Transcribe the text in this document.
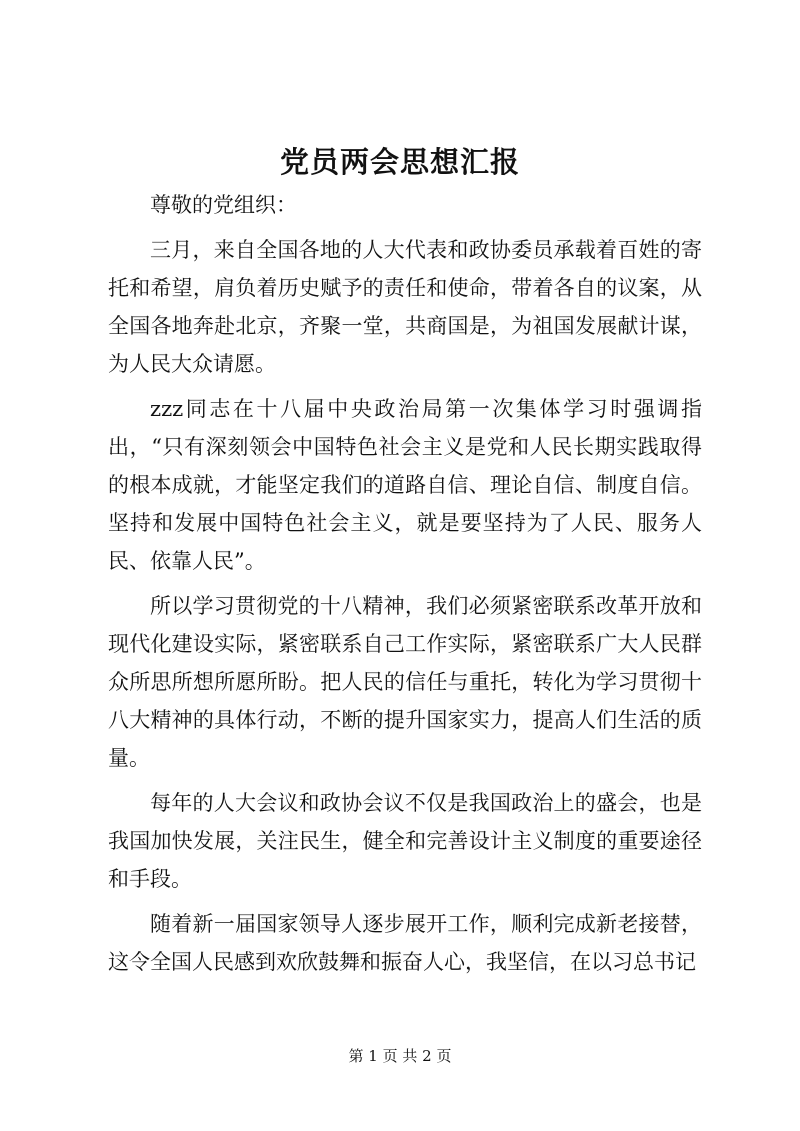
党员两会思想汇报

尊敬的党组织：

三月，来自全国各地的人大代表和政协委员承载着百姓的寄托和希望，肩负着历史赋予的责任和使命，带着各自的议案，从全国各地奔赴北京，齐聚一堂，共商国是，为祖国发展献计谋，为人民大众请愿。

zzz同志在十八届中央政治局第一次集体学习时强调指出，“只有深刻领会中国特色社会主义是党和人民长期实践取得的根本成就，才能坚定我们的道路自信、理论自信、制度自信。坚持和发展中国特色社会主义，就是要坚持为了人民、服务人民、依靠人民”。

所以学习贯彻党的十八精神，我们必须紧密联系改革开放和现代化建设实际，紧密联系自己工作实际，紧密联系广大人民群众所思所想所愿所盼。把人民的信任与重托，转化为学习贯彻十八大精神的具体行动，不断的提升国家实力，提高人们生活的质量。

每年的人大会议和政协会议不仅是我国政治上的盛会，也是我国加快发展，关注民生，健全和完善设计主义制度的重要途径和手段。

随着新一届国家领导人逐步展开工作，顺利完成新老接替，这令全国人民感到欢欣鼓舞和振奋人心，我坚信，在以习总书记

第 1 页 共 2 页
